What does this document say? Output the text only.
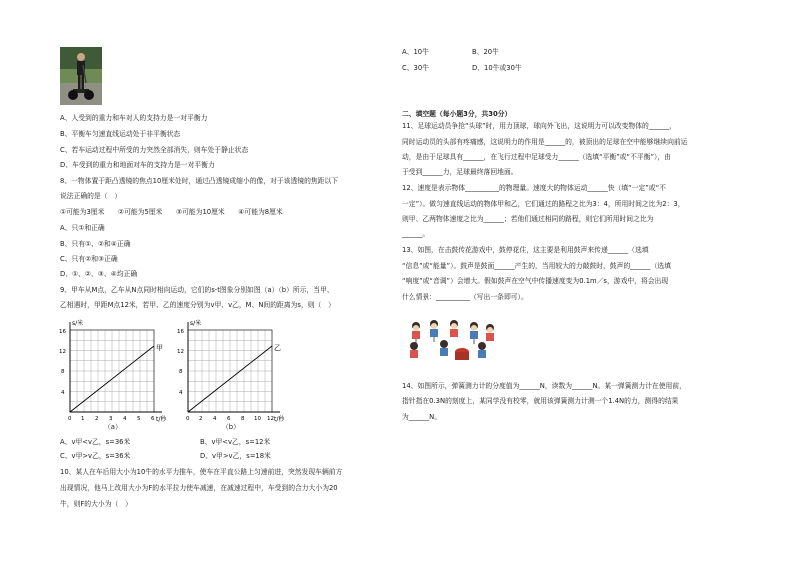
A、人受到的重力和车对人的支持力是一对平衡力
B、平衡车匀速直线运动处于非平衡状态
C、若车运动过程中所受的力突然全部消失，则车处于静止状态
D、车受到的重力和地面对车的支持力是一对平衡力
8、一物体置于距凸透镜的焦点10厘米处时，通过凸透镜成缩小的像，对于该透镜的焦距以下
说法正确的是（　）
①可能为3厘米　　②可能为5厘米　　③可能为10厘米　　④可能为8厘米
A、只①和正确
B、只有①、②和④正确
C、只有②和③正确
D、①、②、③、④均正确
9、甲车从M点，乙车从N点同时相向运动，它们的s-t图象分别如图（a）（b）所示，当甲、
乙相遇时，甲距M点12米，若甲、乙的速度分别为v甲、v乙，M、N间的距离为s，则（　）
甲
s/米
t/秒
4
8
12
16
0 1 2 3 4 5 6
（a）
乙
s/米
t/秒
4
8
12
16
0 2 4 6 8 10 12
（b）
A、v甲<v乙，s=36米	B、v甲<v乙，s=12米
C、v甲>v乙，s=36米	D、v甲>v乙，s=18米
10、某人在车后用大小为10牛的水平力推车，使车在平直公路上匀速前进，突然发现车辆前方
出现情况，他马上改用大小为F的水平拉力使车减速，在减速过程中，车受到的合力大小为20
牛，则F的大小为（　）
A、10牛	B、20牛
C、30牛	D、10牛或30牛
二、填空题（每小题3分，共30分）
11、足球运动员争抢“头球”时，用力顶球，球向外飞出，这说明力可以改变物体的______，
同时运动员的头部有疼痛感，这说明力的作用是______的，被顶出的足球在空中能够继续向前运
动，是由于足球具有______，在飞行过程中足球受力______（选填“平衡”或“不平衡”），由
于受到______力，足球最终落回地面。
12、速度是表示物体__________的物理量。速度大的物体运动______快（填“一定”或“不
一定”）。做匀速直线运动的物体甲和乙，它们通过的路程之比为3：4，所用时间之比为2：3，
则甲、乙两物体速度之比为______；若他们通过相同的路程，则它们所用时间之比为
______。
13、如图，在击鼓传花游戏中，鼓停花住，这主要是利用鼓声来传递______（选填
“信息”或“能量”）。鼓声是鼓面______产生的，当用较大的力敲鼓时，鼓声的______（选填
“响度”或“音调”）会增大。假如鼓声在空气中传播速度变为0.1m／s，游戏中，将会出现
什么情景：__________（写出一条即可）。
14、如图所示，弹簧测力计的分度值为______N，读数为______N。某一弹簧测力计在使用前，
指针指在0.3N的刻度上，某同学没有校零，就用该弹簧测力计测一个1.4N的力，测得的结果
为______N。
